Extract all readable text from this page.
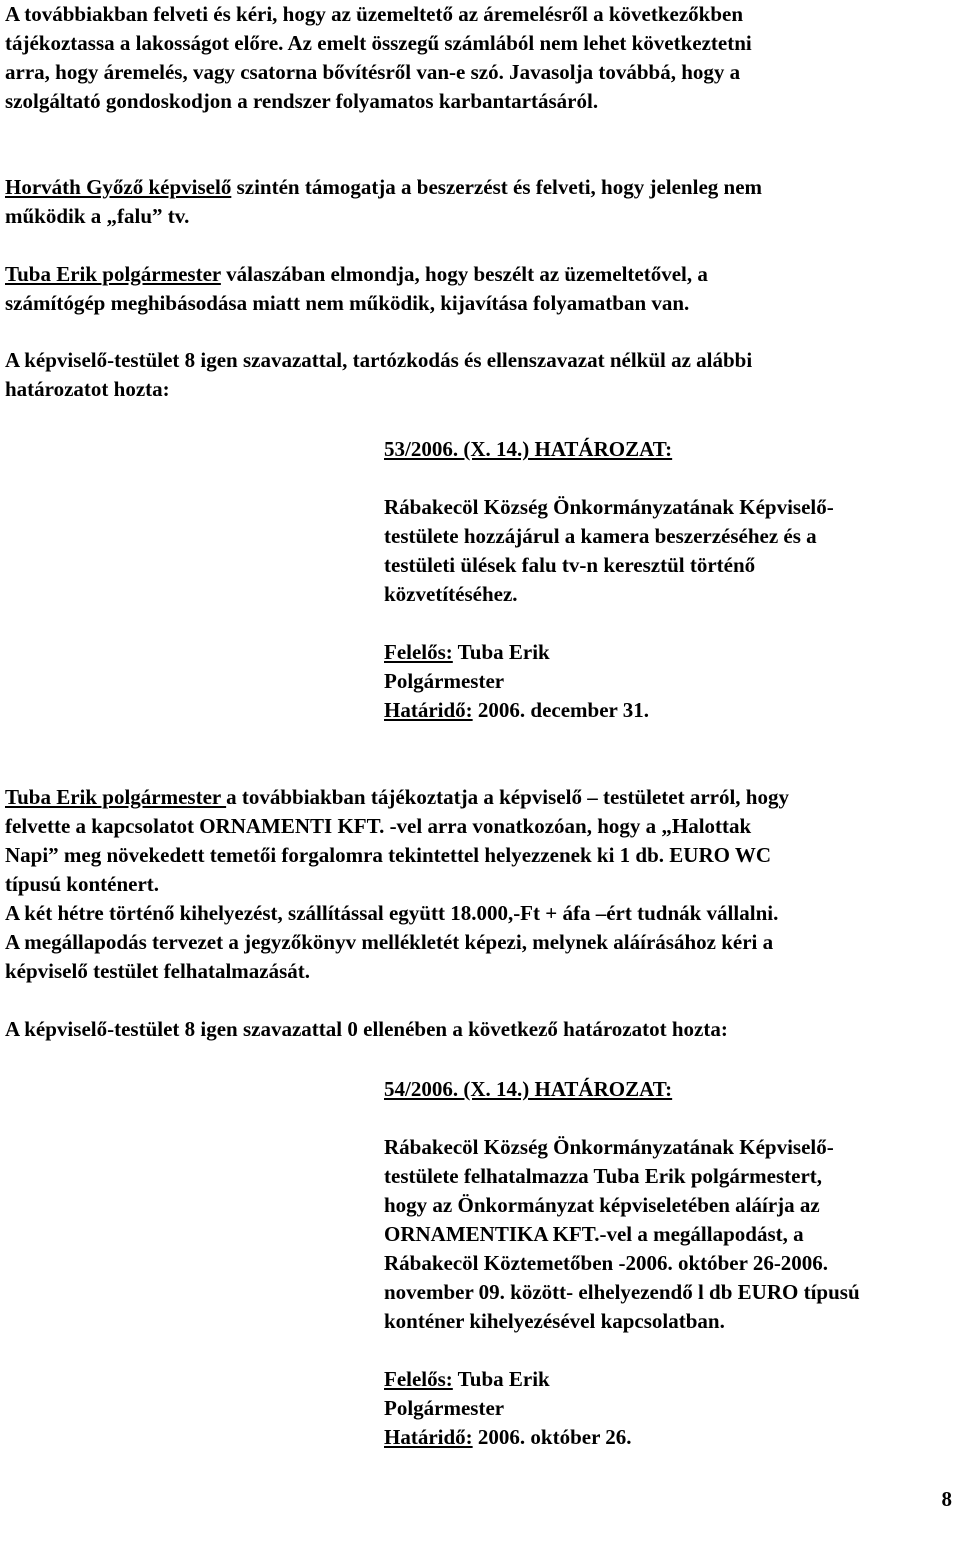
A továbbiakban felveti és kéri, hogy az üzemeltető az áremelésről a következőkben
tájékoztassa a lakosságot előre. Az emelt összegű számlából nem lehet következtetni
arra, hogy áremelés, vagy csatorna bővítésről van-e szó. Javasolja továbbá, hogy a
szolgáltató gondoskodjon a rendszer folyamatos karbantartásáról.

Horváth Győző képviselő szintén támogatja a beszerzést és felveti, hogy jelenleg nem
működik a „falu” tv.

Tuba Erik polgármester válaszában elmondja, hogy beszélt az üzemeltetővel, a
számítógép meghibásodása miatt nem működik, kijavítása folyamatban van.

A képviselő-testület 8 igen szavazattal, tartózkodás és ellenszavazat nélkül az alábbi
határozatot hozta:

53/2006. (X. 14.) HATÁROZAT:
Rábakecöl Község Önkormányzatának Képviselő-
testülete hozzájárul a kamera beszerzéséhez és a
testületi ülések falu tv-n keresztül történő
közvetítéséhez.
Felelős: Tuba Erik
Polgármester
Határidő: 2006. december 31.

Tuba Erik polgármester a továbbiakban tájékoztatja a képviselő – testületet arról, hogy
felvette a kapcsolatot ORNAMENTI KFT. -vel arra vonatkozóan, hogy a „Halottak
Napi” meg növekedett temetői forgalomra tekintettel helyezzenek ki 1 db. EURO WC
típusú konténert.
A két hétre történő kihelyezést, szállítással együtt 18.000,-Ft + áfa –ért tudnák vállalni.
A megállapodás tervezet a jegyzőkönyv mellékletét képezi, melynek aláírásához kéri a
képviselő testület felhatalmazását.

A képviselő-testület 8 igen szavazattal 0 ellenében a következő határozatot hozta:

54/2006. (X. 14.) HATÁROZAT:
Rábakecöl Község Önkormányzatának Képviselő-
testülete felhatalmazza Tuba Erik polgármestert,
hogy az Önkormányzat képviseletében aláírja az
ORNAMENTIKA KFT.-vel a megállapodást, a
Rábakecöl Köztemetőben -2006. október 26-2006.
november 09. között- elhelyezendő l db EURO típusú
konténer kihelyezésével kapcsolatban.
Felelős: Tuba Erik
Polgármester
Határidő: 2006. október 26.
8
